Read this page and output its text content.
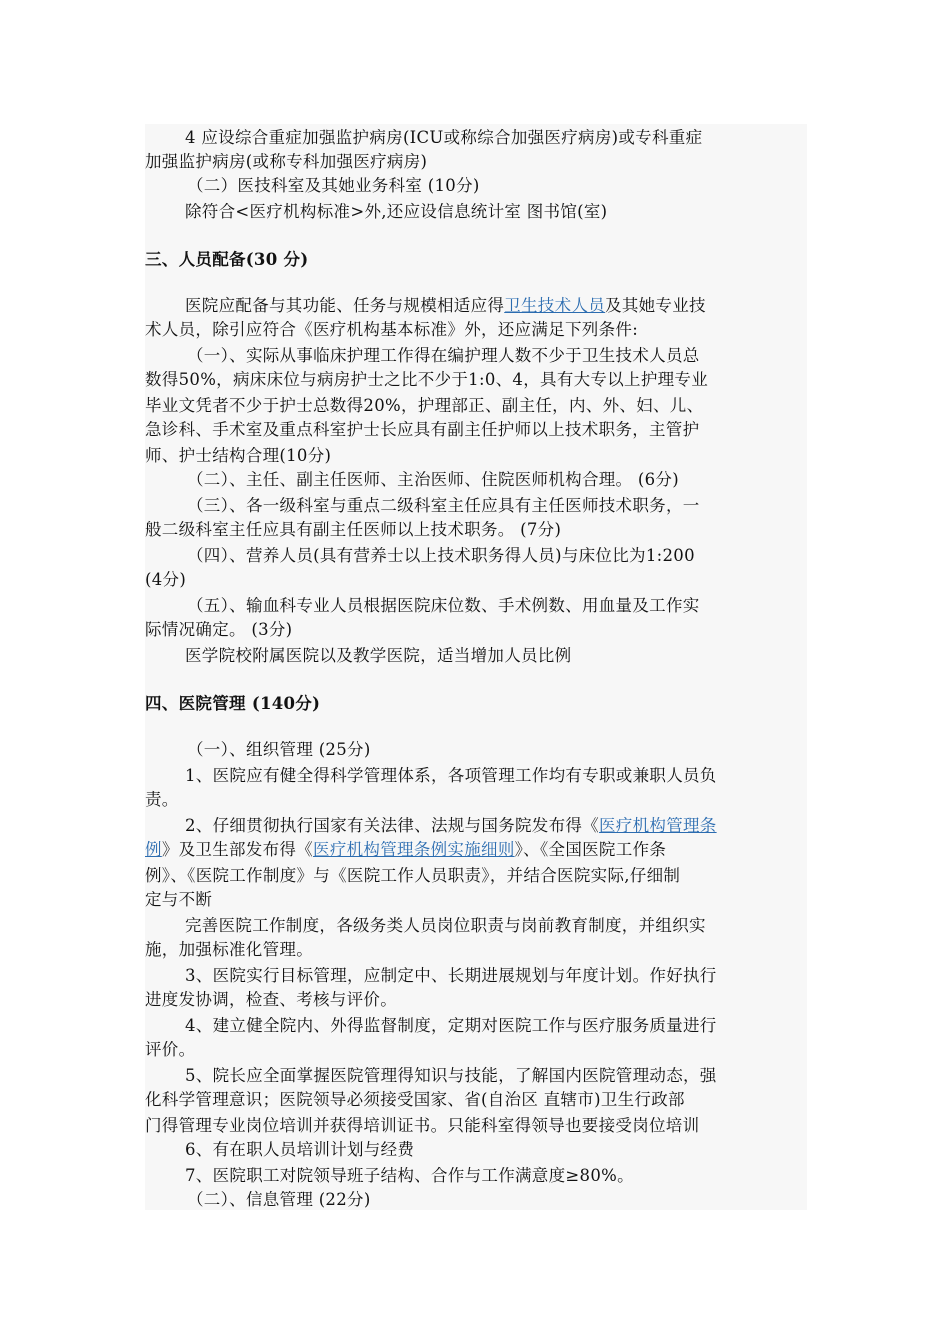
4 应设综合重症加强监护病房(ICU或称综合加强医疗病房)或专科重症
加强监护病房(或称专科加强医疗病房)
（二）医技科室及其她业务科室 (10分)
除符合<医疗机构标准>外,还应设信息统计室 图书馆(室)
三、人员配备(30 分)
医院应配备与其功能、任务与规模相适应得卫生技术人员及其她专业技
术人员，除引应符合《医疗机构基本标准》外，还应满足下列条件:
（一）、实际从事临床护理工作得在编护理人数不少于卫生技术人员总
数得50%，病床床位与病房护士之比不少于1:0、4，具有大专以上护理专业
毕业文凭者不少于护士总数得20%，护理部正、副主任，内、外、妇、儿、
急诊科、手术室及重点科室护士长应具有副主任护师以上技术职务，主管护
师、护士结构合理(10分)
（二）、主任、副主任医师、主治医师、住院医师机构合理。 (6分)
（三）、各一级科室与重点二级科室主任应具有主任医师技术职务，一
般二级科室主任应具有副主任医师以上技术职务。 (7分)
（四）、营养人员(具有营养士以上技术职务得人员)与床位比为1:200
(4分)
（五）、输血科专业人员根据医院床位数、手术例数、用血量及工作实
际情况确定。 (3分)
医学院校附属医院以及教学医院，适当增加人员比例
四、医院管理 (140分)
（一）、组织管理 (25分)
1、医院应有健全得科学管理体系，各项管理工作均有专职或兼职人员负
责。
2、仔细贯彻执行国家有关法律、法规与国务院发布得《医疗机构管理条
例》及卫生部发布得《医疗机构管理条例实施细则》、《全国医院工作条
例》、《医院工作制度》与《医院工作人员职责》，并结合医院实际,仔细制
定与不断
完善医院工作制度，各级务类人员岗位职责与岗前教育制度，并组织实
施，加强标准化管理。
3、医院实行目标管理，应制定中、长期进展规划与年度计划。作好执行
进度发协调，检查、考核与评价。
4、建立健全院内、外得监督制度，定期对医院工作与医疗服务质量进行
评价。
5、院长应全面掌握医院管理得知识与技能，了解国内医院管理动态，强
化科学管理意识；医院领导必须接受国家、省(自治区 直辖市)卫生行政部
门得管理专业岗位培训并获得培训证书。只能科室得领导也要接受岗位培训
6、有在职人员培训计划与经费
7、医院职工对院领导班子结构、合作与工作满意度≥80%。
（二）、信息管理 (22分)
